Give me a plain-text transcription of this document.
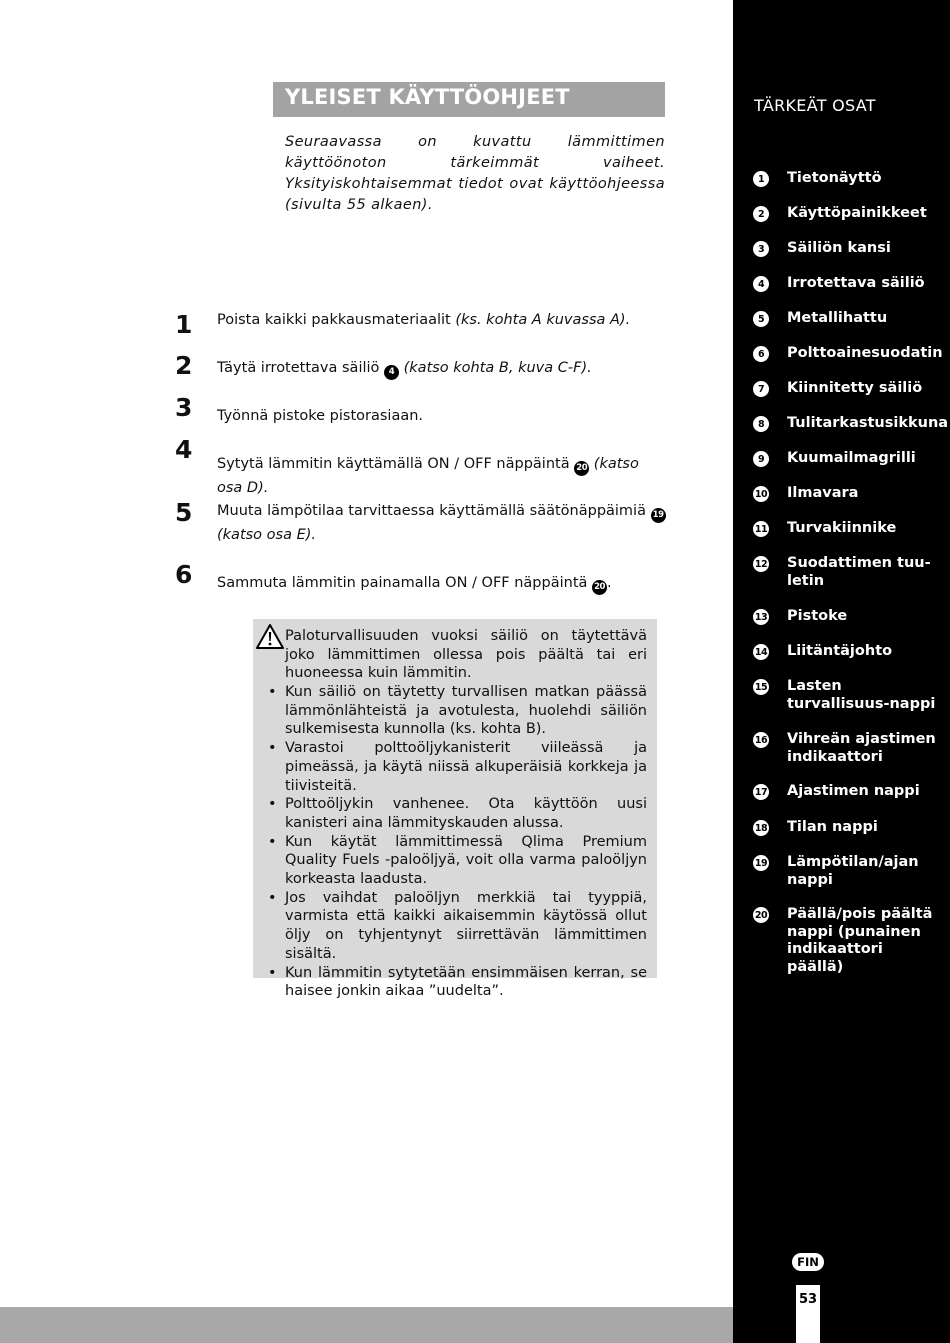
YLEISET KÄYTTÖOHJEET
Seuraavassa on kuvattu lämmittimen käyttöönoton tärkeimmät vaiheet. Yksityiskohtaisemmat tiedot ovat käyttöohjeessa (sivulta 55 alkaen).
1 Poista kaikki pakkausmateriaalit (ks. kohta A kuvassa A).
2 Täytä irrotettava säiliö 4 (katso kohta B, kuva C-F).
3 Työnnä pistoke pistorasiaan.
4 Sytytä lämmitin käyttämällä ON / OFF näppäintä 20 (katso osa D).
5 Muuta lämpötilaa tarvittaessa käyttämällä säätönäppäimiä 19
(katso osa E).
6 Sammuta lämmitin painamalla ON / OFF näppäintä 20 .
Paloturvallisuuden vuoksi säiliö on täytettävä joko lämmittimen ollessa pois päältä tai eri huoneessa kuin lämmitin.
• Kun säiliö on täytetty turvallisen matkan päässä lämmönlähteistä ja avotulesta, huolehdi säiliön sulkemisesta kunnolla (ks. kohta B).
• Varastoi polttoöljykanisterit viileässä ja pimeässä, ja käytä niissä alkuperäisiä korkkeja ja tiivisteitä.
• Polttoöljykin vanhenee. Ota käyttöön uusi kanisteri aina lämmityskauden alussa.
• Kun käytät lämmittimessä Qlima Premium Quality Fuels -paloöljyä, voit olla varma paloöljyn korkeasta laadusta.
• Jos vaihdat paloöljyn merkkiä tai tyyppiä, varmista että kaikki aikaisemmin käytössä ollut öljy on tyhjentynyt siirrettävän lämmittimen sisältä.
• Kun lämmitin sytytetään ensimmäisen kerran, se haisee jonkin aikaa ”uudelta”.
TÄRKEÄT OSAT
1	Tietonäyttö
2	Käyttöpainikkeet
3	Säiliön kansi
4	Irrotettava säiliö
5	Metallihattu
6	Polttoainesuodatin
7	Kiinnitetty säiliö
8	Tulitarkastusikkuna
9	Kuumailmagrilli
10 Ilmavara
11 Turvakiinnike
12 Suodattimen tuu-letin
13 Pistoke
14 Liitäntäjohto
15 Lasten turvallisuus-nappi
16 Vihreän ajastimen indikaattori
17 Ajastimen nappi
18 Tilan nappi
19 Lämpötilan/ajan nappi
20 Päällä/pois päältä nappi (punainen indikaattori päällä)
FIN
53
